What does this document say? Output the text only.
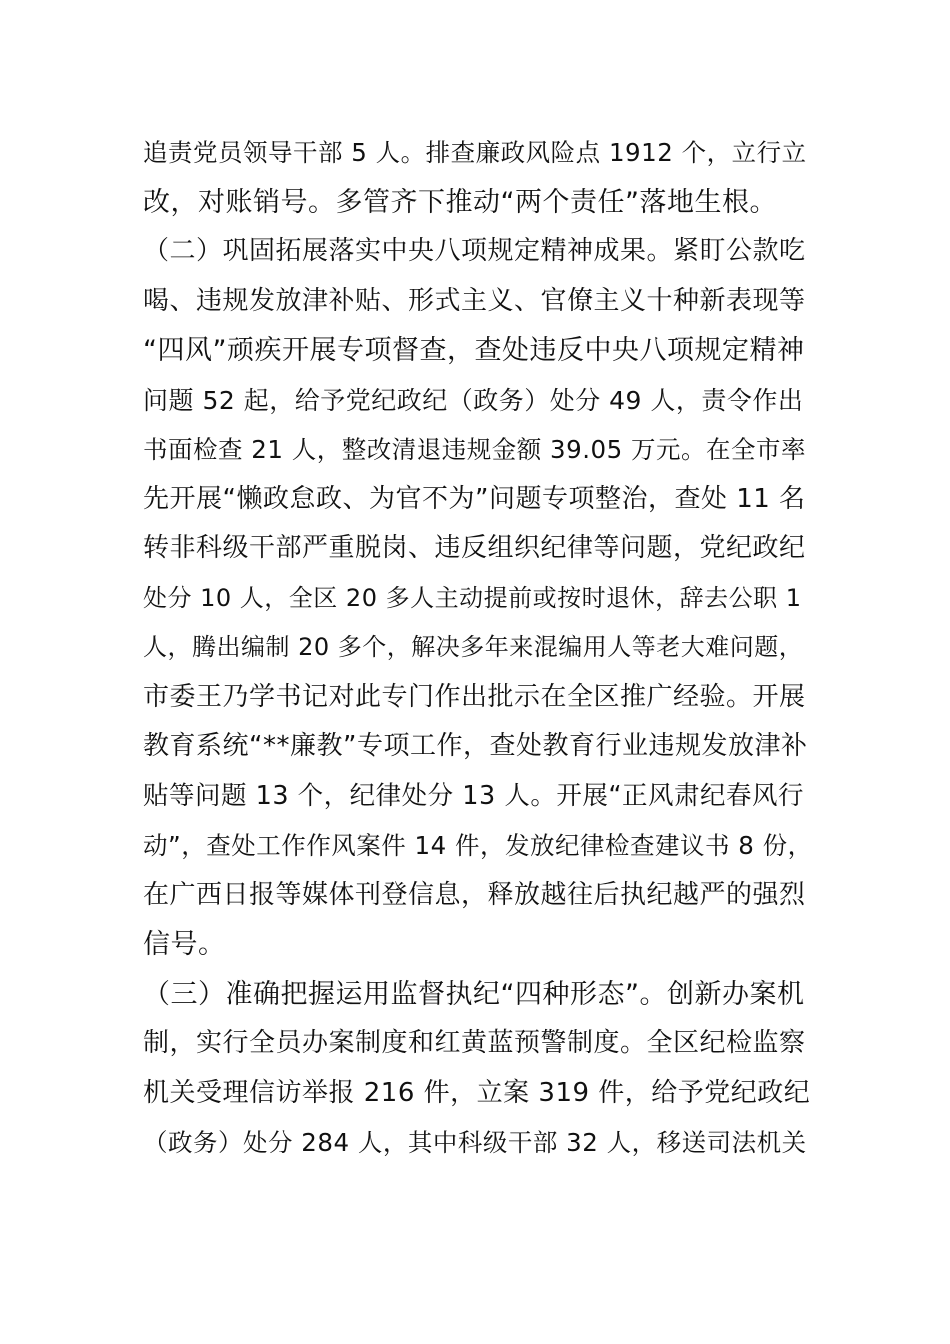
追责党员领导干部 5 人。排查廉政风险点 1912 个，立行立
改，对账销号。多管齐下推动“两个责任”落地生根。
（二）巩固拓展落实中央八项规定精神成果。紧盯公款吃
喝、违规发放津补贴、形式主义、官僚主义十种新表现等
“四风”顽疾开展专项督查，查处违反中央八项规定精神
问题 52 起，给予党纪政纪（政务）处分 49 人，责令作出
书面检查 21 人，整改清退违规金额 39.05 万元。在全市率
先开展“懒政怠政、为官不为”问题专项整治，查处 11 名
转非科级干部严重脱岗、违反组织纪律等问题，党纪政纪
处分 10 人，全区 20 多人主动提前或按时退休，辞去公职 1
人，腾出编制 20 多个，解决多年来混编用人等老大难问题，
市委王乃学书记对此专门作出批示在全区推广经验。开展
教育系统“**廉教”专项工作，查处教育行业违规发放津补
贴等问题 13 个，纪律处分 13 人。开展“正风肃纪春风行
动”，查处工作作风案件 14 件，发放纪律检查建议书 8 份，
在广西日报等媒体刊登信息，释放越往后执纪越严的强烈
信号。
（三）准确把握运用监督执纪“四种形态”。创新办案机
制，实行全员办案制度和红黄蓝预警制度。全区纪检监察
机关受理信访举报 216 件，立案 319 件，给予党纪政纪
（政务）处分 284 人，其中科级干部 32 人，移送司法机关
